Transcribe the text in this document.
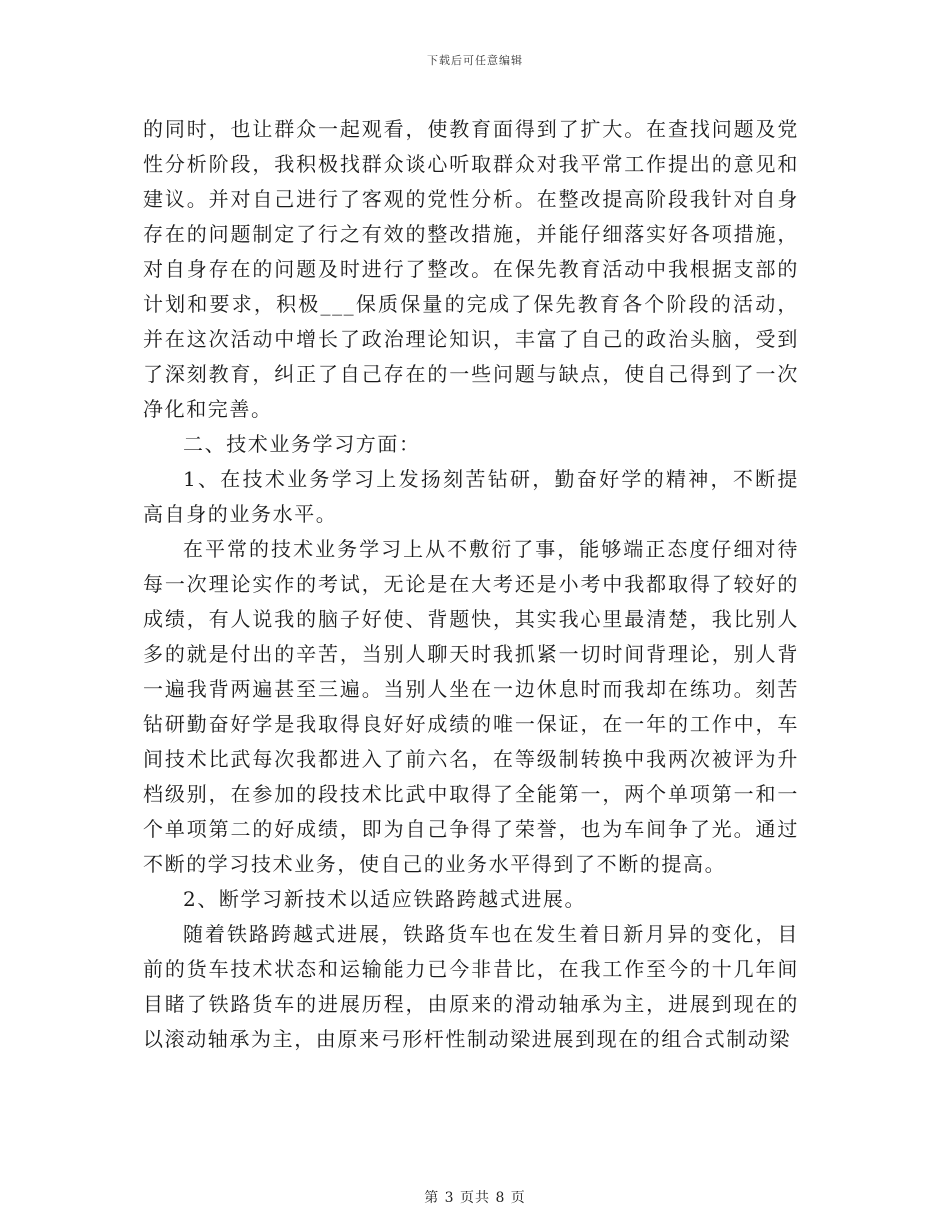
下载后可任意编辑

的同时，也让群众一起观看，使教育面得到了扩大。在查找问题及党性分析阶段，我积极找群众谈心听取群众对我平常工作提出的意见和建议。并对自己进行了客观的党性分析。在整改提高阶段我针对自身存在的问题制定了行之有效的整改措施，并能仔细落实好各项措施，对自身存在的问题及时进行了整改。在保先教育活动中我根据支部的计划和要求，积极___保质保量的完成了保先教育各个阶段的活动，并在这次活动中增长了政治理论知识，丰富了自己的政治头脑，受到了深刻教育，纠正了自己存在的一些问题与缺点，使自己得到了一次净化和完善。

二、技术业务学习方面：

1、在技术业务学习上发扬刻苦钻研，勤奋好学的精神，不断提高自身的业务水平。

在平常的技术业务学习上从不敷衍了事，能够端正态度仔细对待每一次理论实作的考试，无论是在大考还是小考中我都取得了较好的成绩，有人说我的脑子好使、背题快，其实我心里最清楚，我比别人多的就是付出的辛苦，当别人聊天时我抓紧一切时间背理论，别人背一遍我背两遍甚至三遍。当别人坐在一边休息时而我却在练功。刻苦钻研勤奋好学是我取得良好好成绩的唯一保证，在一年的工作中，车间技术比武每次我都进入了前六名，在等级制转换中我两次被评为升档级别，在参加的段技术比武中取得了全能第一，两个单项第一和一个单项第二的好成绩，即为自己争得了荣誉，也为车间争了光。通过不断的学习技术业务，使自己的业务水平得到了不断的提高。

2、断学习新技术以适应铁路跨越式进展。

随着铁路跨越式进展，铁路货车也在发生着日新月异的变化，目前的货车技术状态和运输能力已今非昔比，在我工作至今的十几年间目睹了铁路货车的进展历程，由原来的滑动轴承为主，进展到现在的以滚动轴承为主，由原来弓形杆性制动梁进展到现在的组合式制动梁

第 3 页共 8 页
